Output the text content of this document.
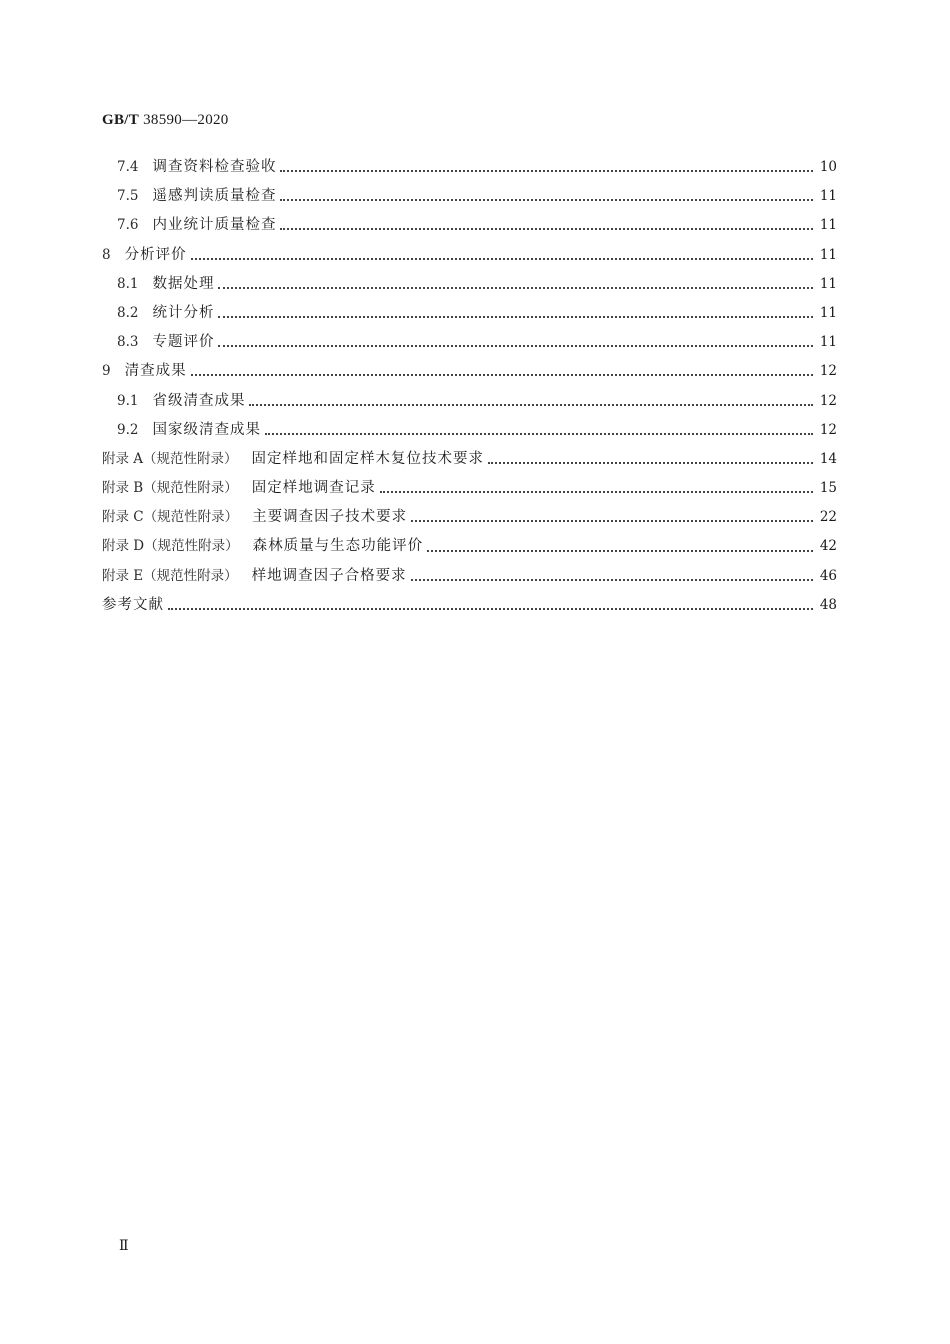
GB/T 38590—2020
7.4 调查资料检查验收	10
7.5 遥感判读质量检查	11
7.6 内业统计质量检查	11
8 分析评价	11
8.1 数据处理	11
8.2 统计分析	11
8.3 专题评价	11
9 清查成果	12
9.1 省级清查成果	12
9.2 国家级清查成果	12
附录 A（规范性附录） 固定样地和固定样木复位技术要求	14
附录 B（规范性附录） 固定样地调查记录	15
附录 C（规范性附录） 主要调查因子技术要求	22
附录 D（规范性附录） 森林质量与生态功能评价	42
附录 E（规范性附录） 样地调查因子合格要求	46
参考文献	48
Ⅱ
